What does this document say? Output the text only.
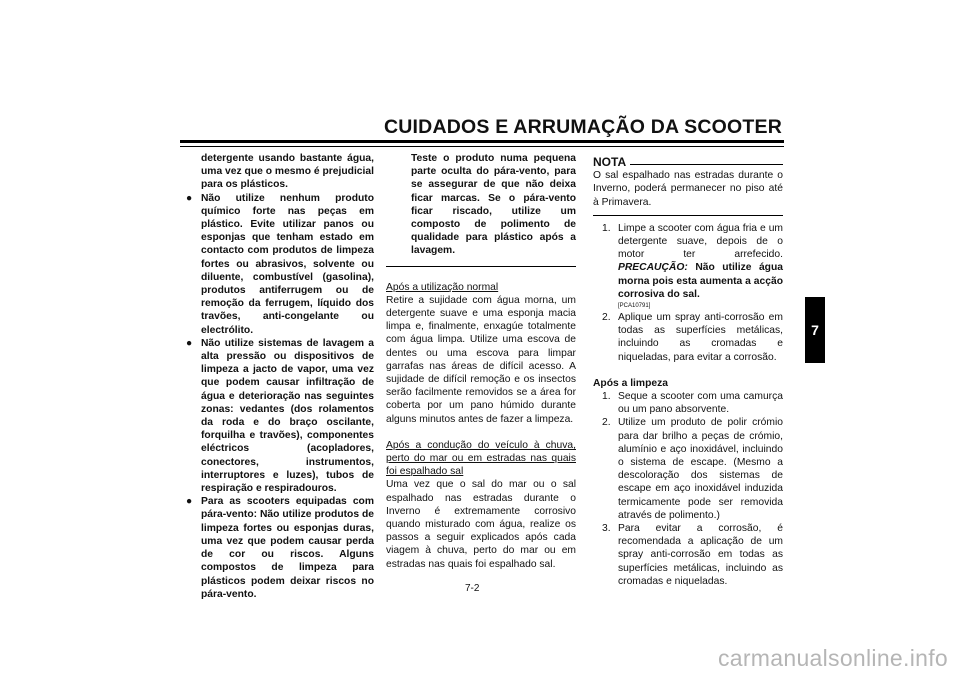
CUIDADOS E ARRUMAÇÃO DA SCOOTER
7

detergente usando bastante água, uma vez que o mesmo é prejudicial para os plásticos.

● Não utilize nenhum produto químico forte nas peças em plástico. Evite utilizar panos ou esponjas que tenham estado em contacto com produtos de limpeza fortes ou abrasivos, solvente ou diluente, combustível (gasolina), produtos antiferrugem ou de remoção da ferrugem, líquido dos travões, anti-congelante ou electrólito.
● Não utilize sistemas de lavagem a alta pressão ou dispositivos de limpeza a jacto de vapor, uma vez que podem causar infiltração de água e deterioração nas seguintes zonas: vedantes (dos rolamentos da roda e do braço oscilante, forquilha e travões), componentes eléctricos (acopladores, conectores, instrumentos, interruptores e luzes), tubos de respiração e respiradouros.
● Para as scooters equipadas com pára-vento: Não utilize produtos de limpeza fortes ou esponjas duras, uma vez que podem causar perda de cor ou riscos. Alguns compostos de limpeza para plásticos podem deixar riscos no pára-vento.

Teste o produto numa pequena parte oculta do pára-vento, para se assegurar de que não deixa ficar marcas. Se o pára-vento ficar riscado, utilize um composto de polimento de qualidade para plástico após a lavagem.

Após a utilização normal

Retire a sujidade com água morna, um detergente suave e uma esponja macia limpa e, finalmente, enxagúe totalmente com água limpa. Utilize uma escova de dentes ou uma escova para limpar garrafas nas áreas de difícil acesso. A sujidade de difícil remoção e os insectos serão facilmente removidos se a área for coberta por um pano húmido durante alguns minutos antes de fazer a limpeza.

Após a condução do veículo à chuva, perto do mar ou em estradas nas quais foi espalhado sal

Uma vez que o sal do mar ou o sal espalhado nas estradas durante o Inverno é extremamente corrosivo quando misturado com água, realize os passos a seguir explicados após cada viagem à chuva, perto do mar ou em estradas nas quais foi espalhado sal.

NOTA

O sal espalhado nas estradas durante o Inverno, poderá permanecer no piso até à Primavera.

1. Limpe a scooter com água fria e um detergente suave, depois de o motor ter arrefecido. PRECAUÇÃO: Não utilize água morna pois esta aumenta a acção corrosiva do sal.
[PCA10791]
2. Aplique um spray anti-corrosão em todas as superfícies metálicas, incluindo as cromadas e niqueladas, para evitar a corrosão.

Após a limpeza

1. Seque a scooter com uma camurça ou um pano absorvente.
2. Utilize um produto de polir crómio para dar brilho a peças de crómio, alumínio e aço inoxidável, incluindo o sistema de escape. (Mesmo a descoloração dos sistemas de escape em aço inoxidável induzida termicamente pode ser removida através de polimento.)
3. Para evitar a corrosão, é recomendada a aplicação de um spray anti-corrosão em todas as superfícies metálicas, incluindo as cromadas e niqueladas.
7-2
carmanualsonline.info
